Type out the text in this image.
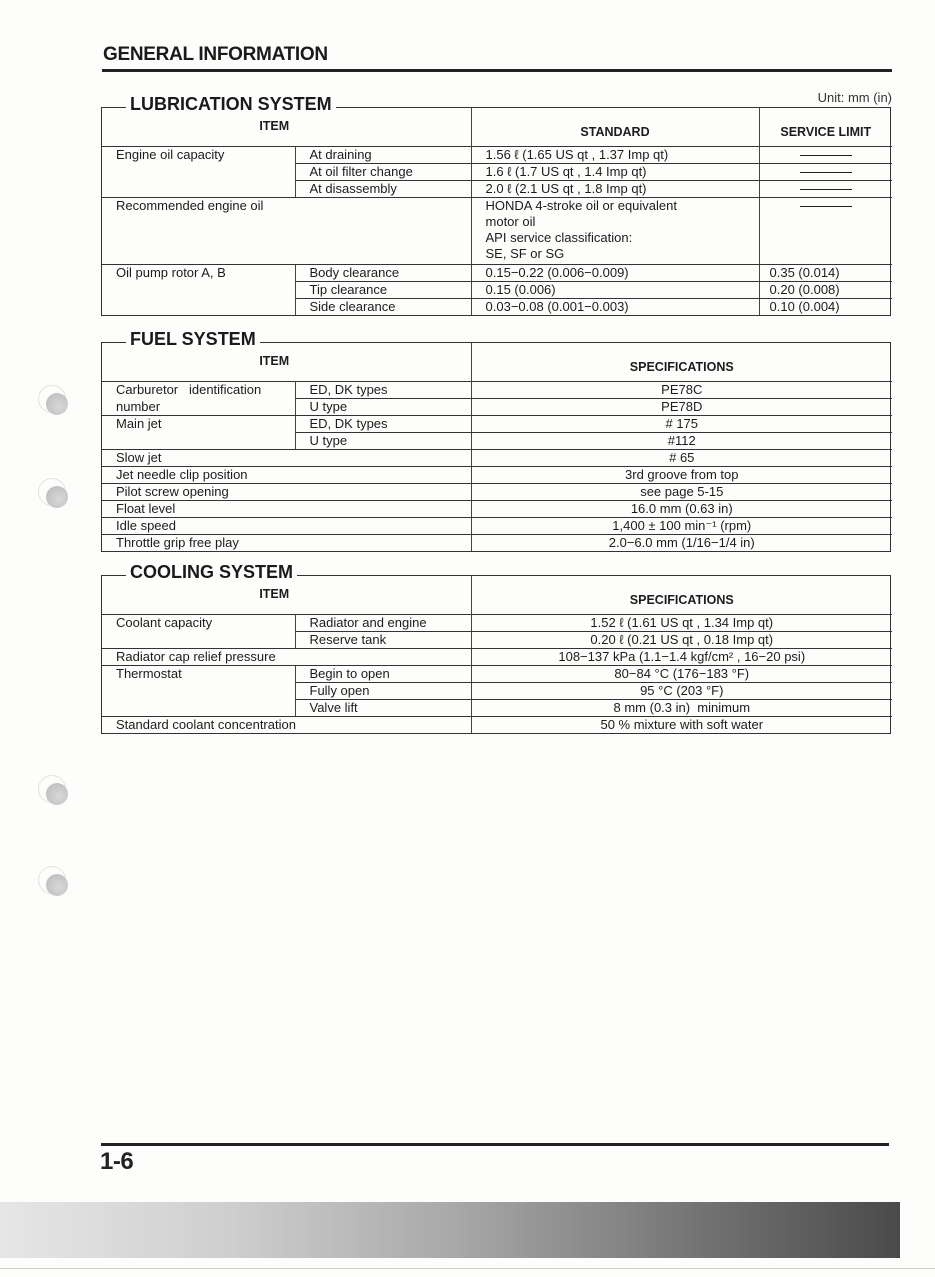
GENERAL INFORMATION
Unit: mm (in)
LUBRICATION SYSTEM
ITEM		STANDARD	SERVICE LIMIT
Engine oil capacity	At draining	1.56 ℓ (1.65 US qt , 1.37 Imp qt)	
	At oil filter change	1.6 ℓ (1.7 US qt , 1.4 Imp qt)	
	At disassembly	2.0 ℓ (2.1 US qt , 1.8 Imp qt)	
Recommended engine oil		HONDA 4-stroke oil or equivalent
motor oil
API service classification:
SE, SF or SG	

Oil pump rotor A, B	Body clearance	0.15−0.22 (0.006−0.009)	0.35 (0.014)
	Tip clearance	0.15 (0.006)	0.20 (0.008)
	Side clearance	0.03−0.08 (0.001−0.003)	0.10 (0.004)
FUEL SYSTEM
ITEM		SPECIFICATIONS
Carburetor   identification	ED, DK types	PE78C
number	U type	PE78D
Main jet	ED, DK types	# 175
	U type	#112
Slow jet		# 65
Jet needle clip position		3rd groove from top
Pilot screw opening		see page 5-15
Float level		16.0 mm (0.63 in)
Idle speed		1,400 ± 100 min⁻¹ (rpm)
Throttle grip free play		2.0−6.0 mm (1/16−1/4 in)
COOLING SYSTEM
ITEM		SPECIFICATIONS
Coolant capacity	Radiator and engine	1.52 ℓ (1.61 US qt , 1.34 Imp qt)
	Reserve tank	0.20 ℓ (0.21 US qt , 0.18 Imp qt)
Radiator cap relief pressure		108−137 kPa (1.1−1.4 kgf/cm² , 16−20 psi)
Thermostat	Begin to open	80−84 °C (176−183 °F)
	Fully open	95 °C (203 °F)
	Valve lift	8 mm (0.3 in)  minimum
Standard coolant concentration		50 % mixture with soft water
1-6
